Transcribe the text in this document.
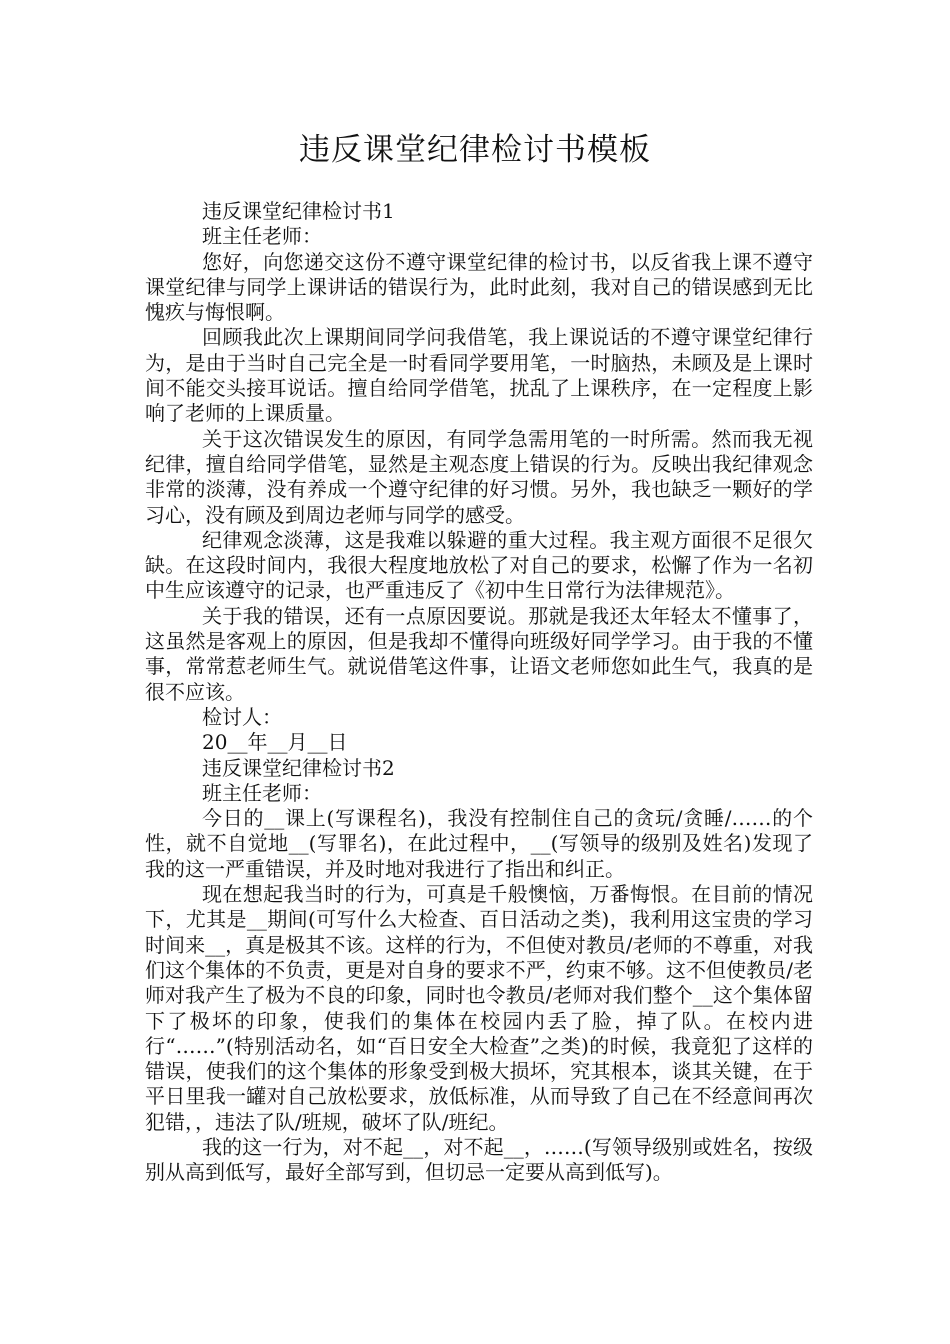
违反课堂纪律检讨书模板

违反课堂纪律检讨书1

班主任老师：

您好，向您递交这份不遵守课堂纪律的检讨书，以反省我上课不遵守课堂纪律与同学上课讲话的错误行为，此时此刻，我对自己的错误感到无比愧疚与悔恨啊。

回顾我此次上课期间同学问我借笔，我上课说话的不遵守课堂纪律行为，是由于当时自己完全是一时看同学要用笔，一时脑热，未顾及是上课时间不能交头接耳说话。擅自给同学借笔，扰乱了上课秩序，在一定程度上影响了老师的上课质量。

关于这次错误发生的原因，有同学急需用笔的一时所需。然而我无视纪律，擅自给同学借笔，显然是主观态度上错误的行为。反映出我纪律观念非常的淡薄，没有养成一个遵守纪律的好习惯。另外，我也缺乏一颗好的学习心，没有顾及到周边老师与同学的感受。

纪律观念淡薄，这是我难以躲避的重大过程。我主观方面很不足很欠缺。在这段时间内，我很大程度地放松了对自己的要求，松懈了作为一名初中生应该遵守的记录，也严重违反了《初中生日常行为法律规范》。

关于我的错误，还有一点原因要说。那就是我还太年轻太不懂事了，这虽然是客观上的原因，但是我却不懂得向班级好同学学习。由于我的不懂事，常常惹老师生气。就说借笔这件事，让语文老师您如此生气，我真的是很不应该。

检讨人：

20__年__月__日

违反课堂纪律检讨书2

班主任老师：

今日的__课上(写课程名)，我没有控制住自己的贪玩/贪睡/……的个性，就不自觉地__(写罪名)，在此过程中，__(写领导的级别及姓名)发现了我的这一严重错误，并及时地对我进行了指出和纠正。

现在想起我当时的行为，可真是千般懊恼，万番悔恨。在目前的情况下，尤其是__期间(可写什么大检查、百日活动之类)，我利用这宝贵的学习时间来__，真是极其不该。这样的行为，不但使对教员/老师的不尊重，对我们这个集体的不负责，更是对自身的要求不严，约束不够。这不但使教员/老师对我产生了极为不良的印象，同时也令教员/老师对我们整个__这个集体留下了极坏的印象，使我们的集体在校园内丢了脸，掉了队。在校内进行“……”(特别活动名，如“百日安全大检查”之类)的时候，我竟犯了这样的错误，使我们的这个集体的形象受到极大损坏，究其根本，谈其关键，在于平日里我一罐对自己放松要求，放低标准，从而导致了自己在不经意间再次犯错，，违法了队/班规，破坏了队/班纪。

我的这一行为，对不起__，对不起__，……(写领导级别或姓名，按级别从高到低写，最好全部写到，但切忌一定要从高到低写)。
